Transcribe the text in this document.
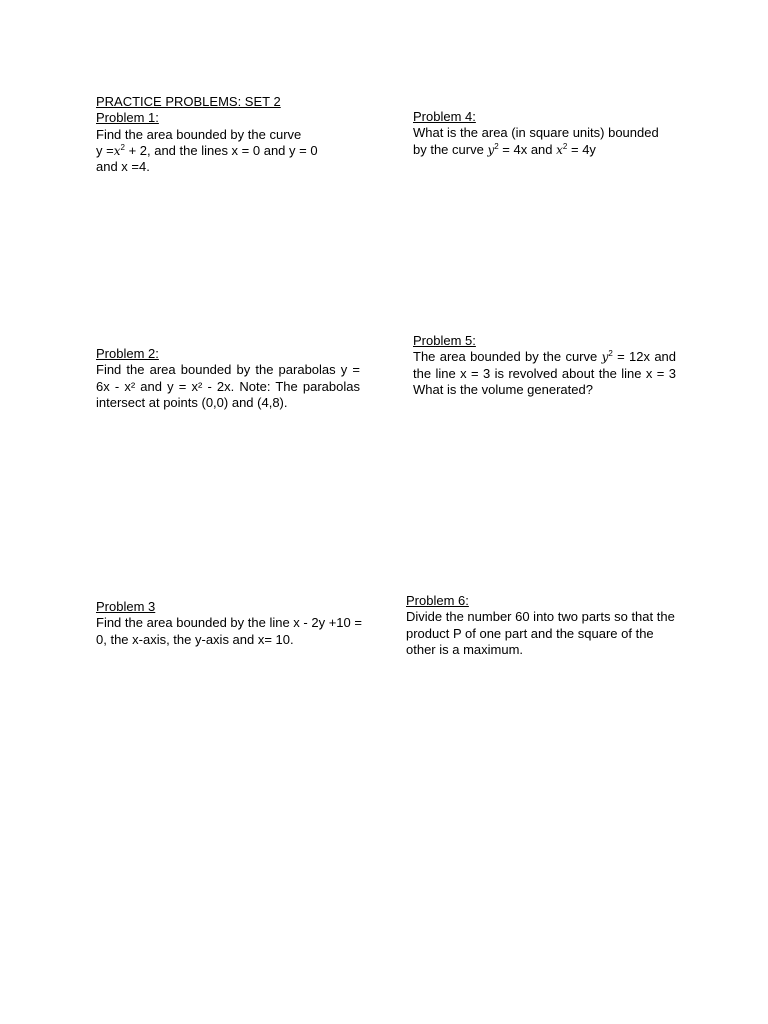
PRACTICE PROBLEMS: SET 2
Problem 1:

Find the area bounded by the curve
$y =x^2 + 2$, and the lines x = 0 and y = 0
and x =4.

Problem 2:

Find the area bounded by the parabolas y = 6x - x² and y = x² - 2x. Note: The parabolas intersect at points (0,0) and (4,8).

Problem 3

Find the area bounded by the line x - 2y +10 = 0, the x-axis, the y-axis and x= 10.

Problem 4:

What is the area (in square units) bounded
by the curve $y^2 = 4x$ and $x^2 = 4y$

Problem 5:

The area bounded by the curve $y^2 = 12x$ and the line x = 3 is revolved about the line x = 3 What is the volume generated?

Problem 6:

Divide the number 60 into two parts so that the product P of one part and the square of the other is a maximum.
